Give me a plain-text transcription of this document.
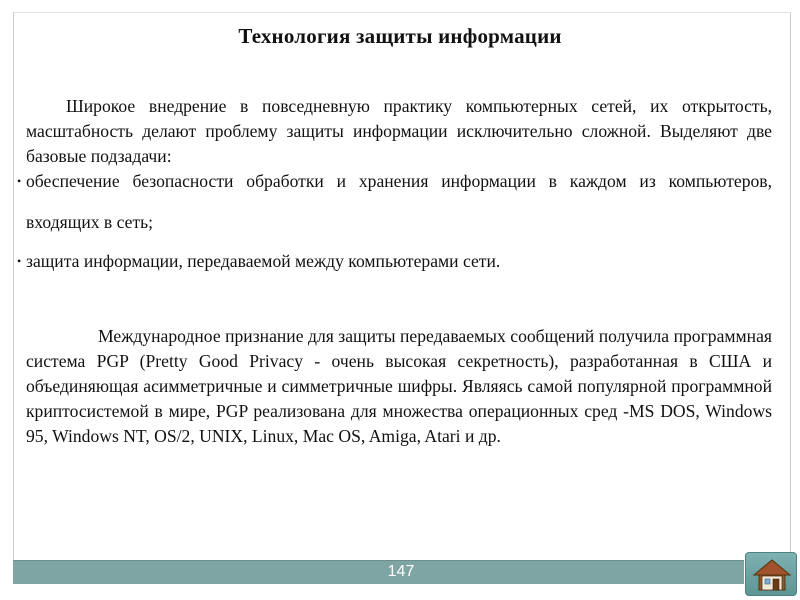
Технология защиты информации

Широкое внедрение в повседневную практику компьютерных сетей, их открытость, масштабность делают проблему защиты информации исключительно сложной. Выделяют две базовые подзадачи:

• обеспечение безопасности обработки и хранения информации в каждом из компьютеров, входящих в сеть;
• защита информации, передаваемой между компьютерами сети.

Международное признание для защиты передаваемых сообщений получила программная система PGP (Pretty Good Privacy - очень высокая секретность), разработанная в США и объединяющая асимметричные и симметричные шифры. Являясь самой популярной программной криптосистемой в мире, PGP реализована для множества операционных сред -MS DOS, Windows 95, Windows NT, OS/2, UNIX, Linux, Mac OS, Amiga, Atari и др.

147
